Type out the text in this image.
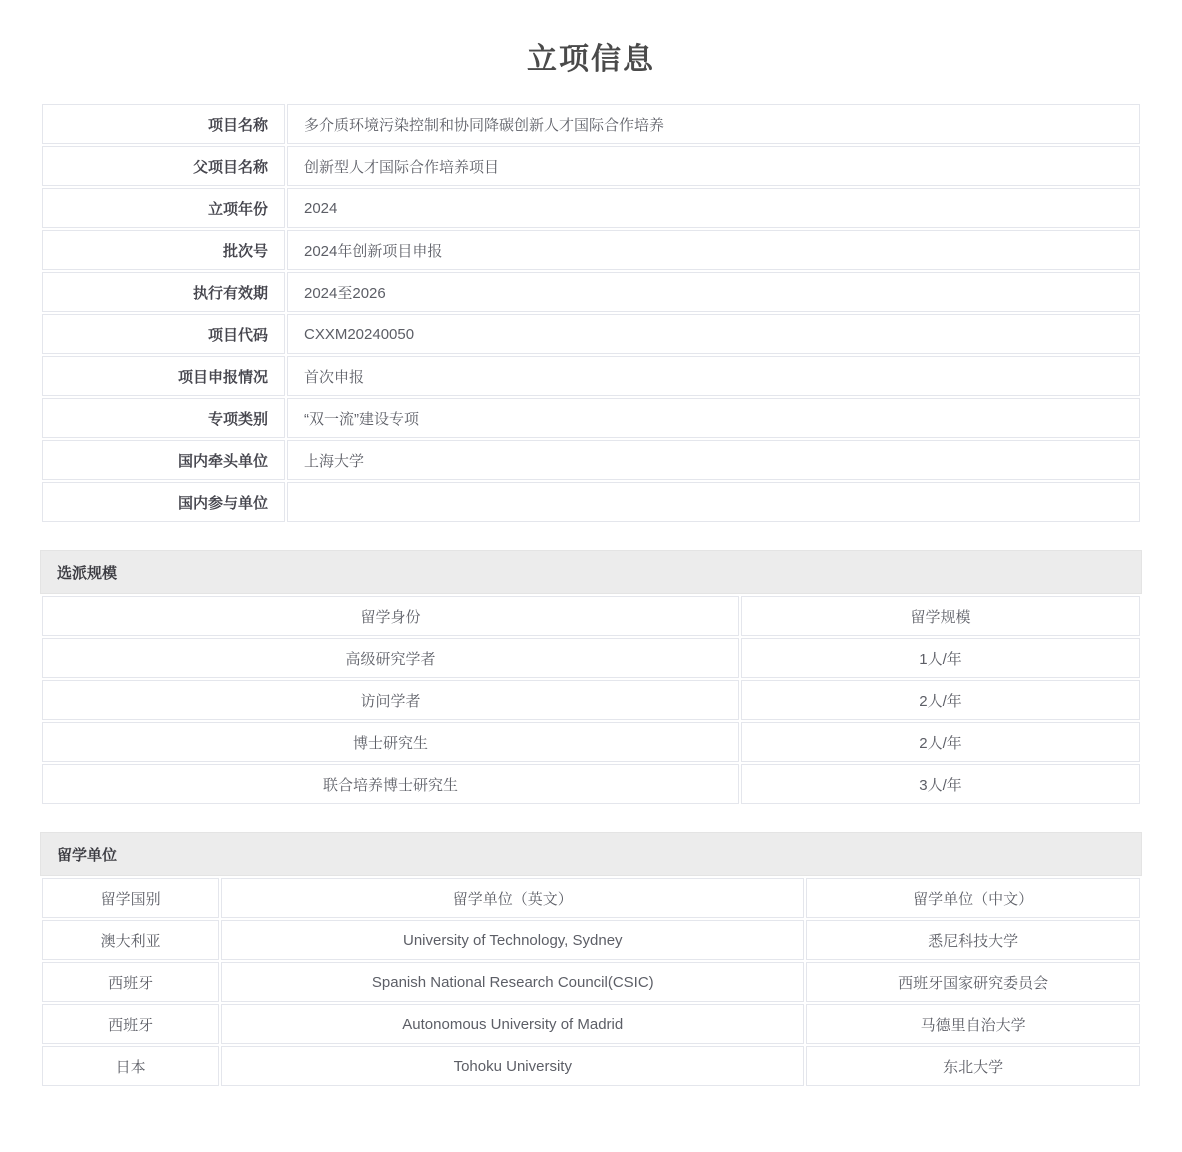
立项信息
项目名称	多介质环境污染控制和协同降碳创新人才国际合作培养
父项目名称	创新型人才国际合作培养项目
立项年份	2024
批次号	2024年创新项目申报
执行有效期	2024至2026
项目代码	CXXM20240050
项目申报情况	首次申报
专项类别	“双一流”建设专项
国内牵头单位	上海大学
国内参与单位	
选派规模
留学身份	留学规模
高级研究学者	1人/年
访问学者	2人/年
博士研究生	2人/年
联合培养博士研究生	3人/年
留学单位
留学国别	留学单位（英文）	留学单位（中文）
澳大利亚	University of Technology, Sydney	悉尼科技大学
西班牙	Spanish National Research Council(CSIC)	西班牙国家研究委员会
西班牙	Autonomous University of Madrid	马德里自治大学
日本	Tohoku University	东北大学
